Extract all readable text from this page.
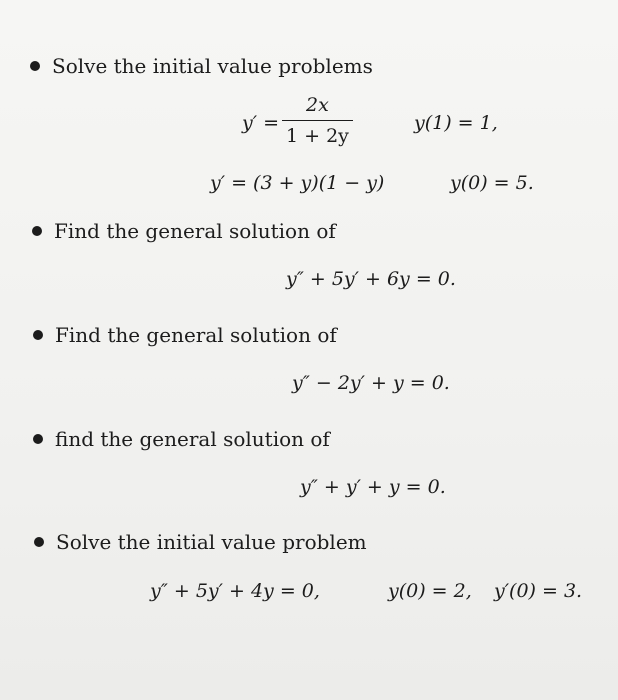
Solve the initial value problems
y′ =
2x
1 + 2y
y(1) = 1,
y′ = (3 + y)(1 − y)	y(0) = 5.
Find the general solution of
y″ + 5y′ + 6y = 0.
Find the general solution of
y″ − 2y′ + y = 0.
find the general solution of
y″ + y′ + y = 0.
Solve the initial value problem
y″ + 5y′ + 4y = 0,	y(0) = 2, y′(0) = 3.
